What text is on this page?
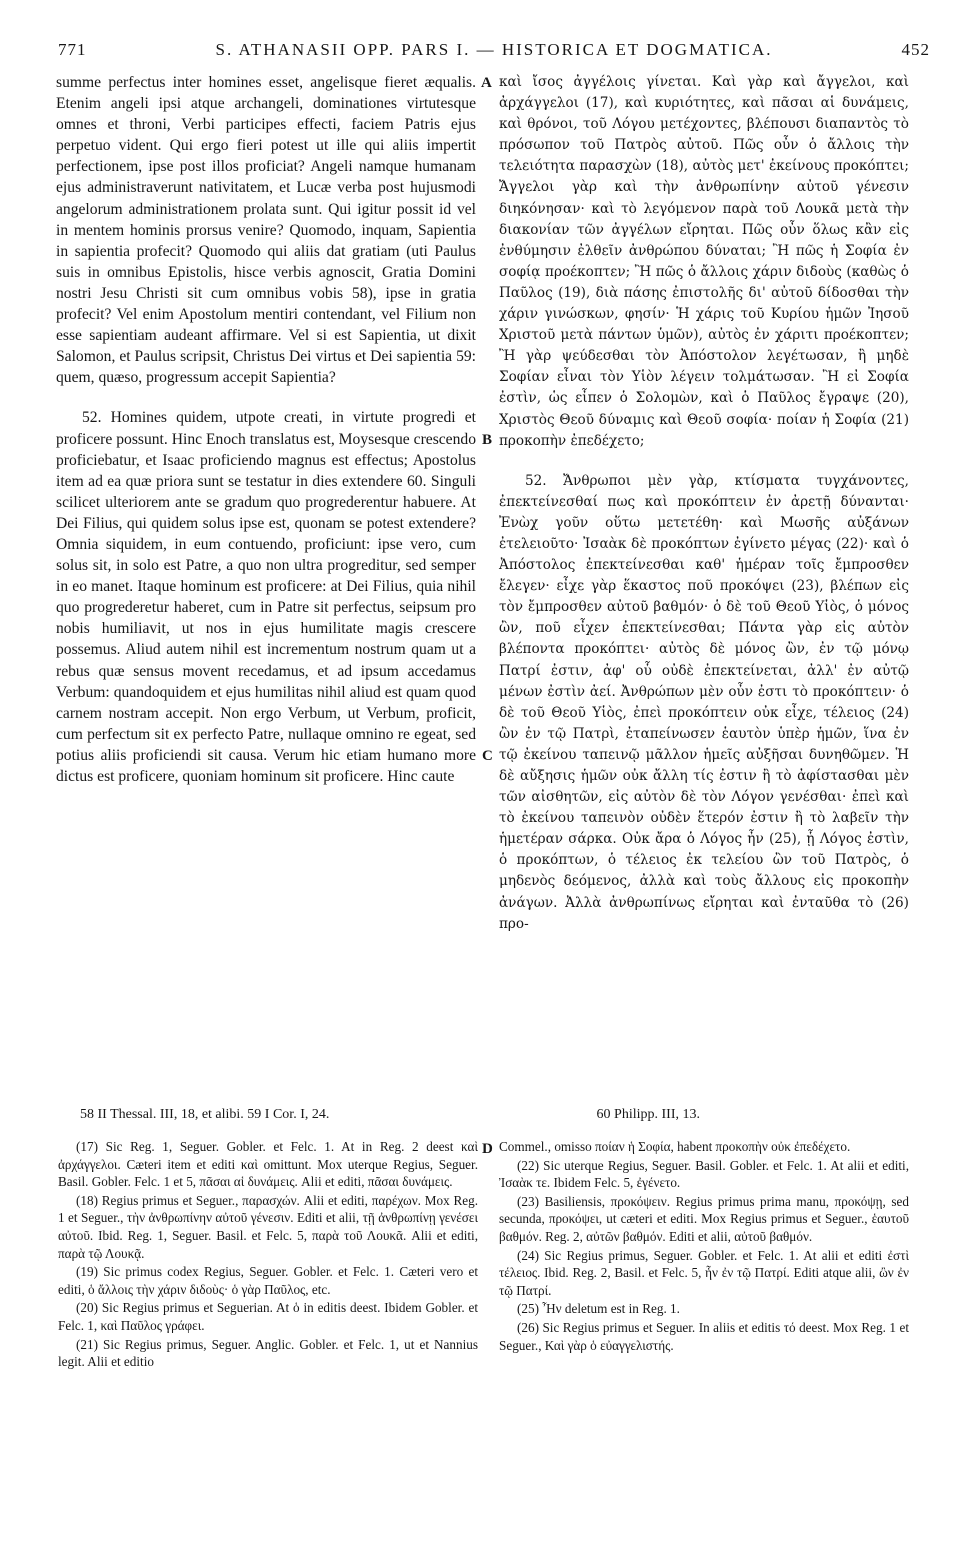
771	S. ATHANASII OPP. PARS I. — HISTORICA ET DOGMATICA.	452

summe perfectus inter homines esset, angelisque fieret æqualis. Etenim angeli ipsi atque archangeli, dominationes virtutesque omnes et throni, Verbi participes effecti, faciem Patris ejus perpetuo vident. Qui ergo fieri potest ut ille qui aliis impertit perfectionem, ipse post illos proficiat? Angeli namque humanam ejus administraverunt nativitatem, et Lucæ verba post hujusmodi angelorum administrationem prolata sunt. Qui igitur possit id vel in mentem hominis prorsus venire? Quomodo, inquam, Sapientia in sapientia profecit? Quomodo qui aliis dat gratiam (uti Paulus suis in omnibus Epistolis, hisce verbis agnoscit, Gratia Domini nostri Jesu Christi sit cum omnibus vobis 58), ipse in gratia profecit? Vel enim Apostolum mentiri contendant, vel Filium non esse sapientiam audeant affirmare. Vel si est Sapientia, ut dixit Salomon, et Paulus scripsit, Christus Dei virtus et Dei sapientia 59: quem, quæso, progressum accepit Sapientia?

52. Homines quidem, utpote creati, in virtute progredi et proficere possunt. Hinc Enoch translatus est, Moysesque crescendo proficiebatur, et Isaac proficiendo magnus est effectus; Apostolus item ad ea quæ priora sunt se testatur in dies extendere 60. Singuli scilicet ulteriorem ante se gradum quo progrederentur habuere. At Dei Filius, qui quidem solus ipse est, quonam se potest extendere? Omnia siquidem, in eum contuendo, proficiunt: ipse vero, cum solus sit, in solo est Patre, a quo non ultra progreditur, sed semper in eo manet. Itaque hominum est proficere: at Dei Filius, quia nihil quo progrederetur haberet, cum in Patre sit perfectus, seipsum pro nobis humiliavit, ut nos in ejus humilitate magis crescere possemus. Aliud autem nihil est incrementum nostrum quam ut a rebus quæ sensus movent recedamus, et ad ipsum accedamus Verbum: quandoquidem et ejus humilitas nihil aliud est quam quod carnem nostram accepit. Non ergo Verbum, ut Verbum, proficit, cum perfectum sit ex perfecto Patre, nullaque omnino re egeat, sed potius aliis proficiendi sit causa. Verum hic etiam humano more dictus est proficere, quoniam hominum sit proficere. Hinc caute

καὶ ἴσος ἀγγέλοις γίνεται. Καὶ γὰρ καὶ ἄγγελοι, καὶ ἀρχάγγελοι (17), καὶ κυριότητες, καὶ πᾶσαι αἱ δυνάμεις, καὶ θρόνοι, τοῦ Λόγου μετέχοντες, βλέπουσι διαπαντὸς τὸ πρόσωπον τοῦ Πατρὸς αὐτοῦ. Πῶς οὖν ὁ ἄλλοις τὴν τελειότητα παρασχὼν (18), αὐτὸς μετ' ἐκείνους προκόπτει; Ἄγγελοι γὰρ καὶ τὴν ἀνθρωπίνην αὐτοῦ γένεσιν διηκόνησαν· καὶ τὸ λεγόμενον παρὰ τοῦ Λουκᾶ μετὰ τὴν διακονίαν τῶν ἀγγέλων εἴρηται. Πῶς οὖν ὅλως κἂν εἰς ἐνθύμησιν ἐλθεῖν ἀνθρώπου δύναται; Ἢ πῶς ἡ Σοφία ἐν σοφίᾳ προέκοπτεν; Ἢ πῶς ὁ ἄλλοις χάριν διδοὺς (καθὼς ὁ Παῦλος (19), διὰ πάσης ἐπιστολῆς δι' αὐτοῦ δίδοσθαι τὴν χάριν γινώσκων, φησίν· Ἡ χάρις τοῦ Κυρίου ἡμῶν Ἰησοῦ Χριστοῦ μετὰ πάντων ὑμῶν), αὐτὸς ἐν χάριτι προέκοπτεν; Ἢ γὰρ ψεύδεσθαι τὸν Ἀπόστολον λεγέτωσαν, ἢ μηδὲ Σοφίαν εἶναι τὸν Υἱὸν λέγειν τολμάτωσαν. Ἢ εἰ Σοφία ἐστὶν, ὡς εἶπεν ὁ Σολομὼν, καὶ ὁ Παῦλος ἔγραψε (20), Χριστὸς Θεοῦ δύναμις καὶ Θεοῦ σοφία· ποίαν ἡ Σοφία (21) προκοπὴν ἐπεδέχετο;

52. Ἄνθρωποι μὲν γὰρ, κτίσματα τυγχάνοντες, ἐπεκτείνεσθαί πως καὶ προκόπτειν ἐν ἀρετῇ δύνανται· Ἐνὼχ γοῦν οὕτω μετετέθη· καὶ Μωσῆς αὐξάνων ἐτελειοῦτο· Ἰσαὰκ δὲ προκόπτων ἐγίνετο μέγας (22)· καὶ ὁ Ἀπόστολος ἐπεκτείνεσθαι καθ' ἡμέραν τοῖς ἔμπροσθεν ἔλεγεν· εἶχε γὰρ ἕκαστος ποῦ προκόψει (23), βλέπων εἰς τὸν ἔμπροσθεν αὐτοῦ βαθμόν· ὁ δὲ τοῦ Θεοῦ Υἱὸς, ὁ μόνος ὢν, ποῦ εἶχεν ἐπεκτείνεσθαι; Πάντα γὰρ εἰς αὐτὸν βλέποντα προκόπτει· αὐτὸς δὲ μόνος ὢν, ἐν τῷ μόνῳ Πατρί ἐστιν, ἀφ' οὗ οὐδὲ ἐπεκτείνεται, ἀλλ' ἐν αὐτῷ μένων ἐστὶν ἀεί. Ἀνθρώπων μὲν οὖν ἐστι τὸ προκόπτειν· ὁ δὲ τοῦ Θεοῦ Υἱὸς, ἐπεὶ προκόπτειν οὐκ εἶχε, τέλειος (24) ὢν ἐν τῷ Πατρὶ, ἐταπείνωσεν ἑαυτὸν ὑπὲρ ἡμῶν, ἵνα ἐν τῷ ἐκείνου ταπεινῷ μᾶλλον ἡμεῖς αὐξῆσαι δυνηθῶμεν. Ἡ δὲ αὔξησις ἡμῶν οὐκ ἄλλη τίς ἐστιν ἢ τὸ ἀφίστασθαι μὲν τῶν αἰσθητῶν, εἰς αὐτὸν δὲ τὸν Λόγον γενέσθαι· ἐπεὶ καὶ τὸ ἐκείνου ταπεινὸν οὐδὲν ἕτερόν ἐστιν ἢ τὸ λαβεῖν τὴν ἡμετέραν σάρκα. Οὐκ ἄρα ὁ Λόγος ἦν (25), ᾗ Λόγος ἐστὶν, ὁ προκόπτων, ὁ τέλειος ἐκ τελείου ὢν τοῦ Πατρὸς, ὁ μηδενὸς δεόμενος, ἀλλὰ καὶ τοὺς ἄλλους εἰς προκοπὴν ἀνάγων. Ἀλλὰ ἀνθρωπίνως εἴρηται καὶ ἐνταῦθα τὸ (26) προ-

A
B
C
D
58 II Thessal. III, 18, et alibi. 59 I Cor. I, 24.	60 Philipp. III, 13.

(17) Sic Reg. 1, Seguer. Gobler. et Felc. 1. At in Reg. 2 deest καὶ ἀρχάγγελοι. Cæteri item et editi καὶ omittunt. Mox uterque Regius, Seguer. Basil. Gobler. Felc. 1 et 5, πᾶσαι αἱ δυνάμεις. Alii et editi, πᾶσαι δυνάμεις.

(18) Regius primus et Seguer., παρασχών. Alii et editi, παρέχων. Mox Reg. 1 et Seguer., τὴν ἀνθρωπίνην αὐτοῦ γένεσιν. Editi et alii, τῇ ἀνθρωπίνῃ γενέσει αὐτοῦ. Ibid. Reg. 1, Seguer. Basil. et Felc. 5, παρὰ τοῦ Λουκᾶ. Alii et editi, παρὰ τῷ Λουκᾷ.

(19) Sic primus codex Regius, Seguer. Gobler. et Felc. 1. Cæteri vero et editi, ὁ ἄλλοις τὴν χάριν διδοὺς· ὁ γὰρ Παῦλος, etc.

(20) Sic Regius primus et Seguerian. At ὁ in editis deest. Ibidem Gobler. et Felc. 1, καὶ Παῦλος γράφει.

(21) Sic Regius primus, Seguer. Anglic. Gobler. et Felc. 1, ut et Nannius legit. Alii et editio

Commel., omisso ποίαν ἡ Σοφία, habent προκοπὴν οὐκ ἐπεδέχετο.

(22) Sic uterque Regius, Seguer. Basil. Gobler. et Felc. 1. At alii et editi, Ἰσαὰκ τε. Ibidem Felc. 5, ἐγένετο.

(23) Basiliensis, προκόψειν. Regius primus prima manu, προκόψῃ, sed secunda, προκόψει, ut cæteri et editi. Mox Regius primus et Seguer., ἑαυτοῦ βαθμόν. Reg. 2, αὐτῶν βαθμόν. Editi et alii, αὐτοῦ βαθμόν.

(24) Sic Regius primus, Seguer. Gobler. et Felc. 1. At alii et editi ἐστὶ τέλειος. Ibid. Reg. 2, Basil. et Felc. 5, ἦν ἐν τῷ Πατρί. Editi atque alii, ὢν ἐν τῷ Πατρί.

(25) Ἦν deletum est in Reg. 1.

(26) Sic Regius primus et Seguer. In aliis et editis τό deest. Mox Reg. 1 et Seguer., Καὶ γὰρ ὁ εὐαγγελιστής.
